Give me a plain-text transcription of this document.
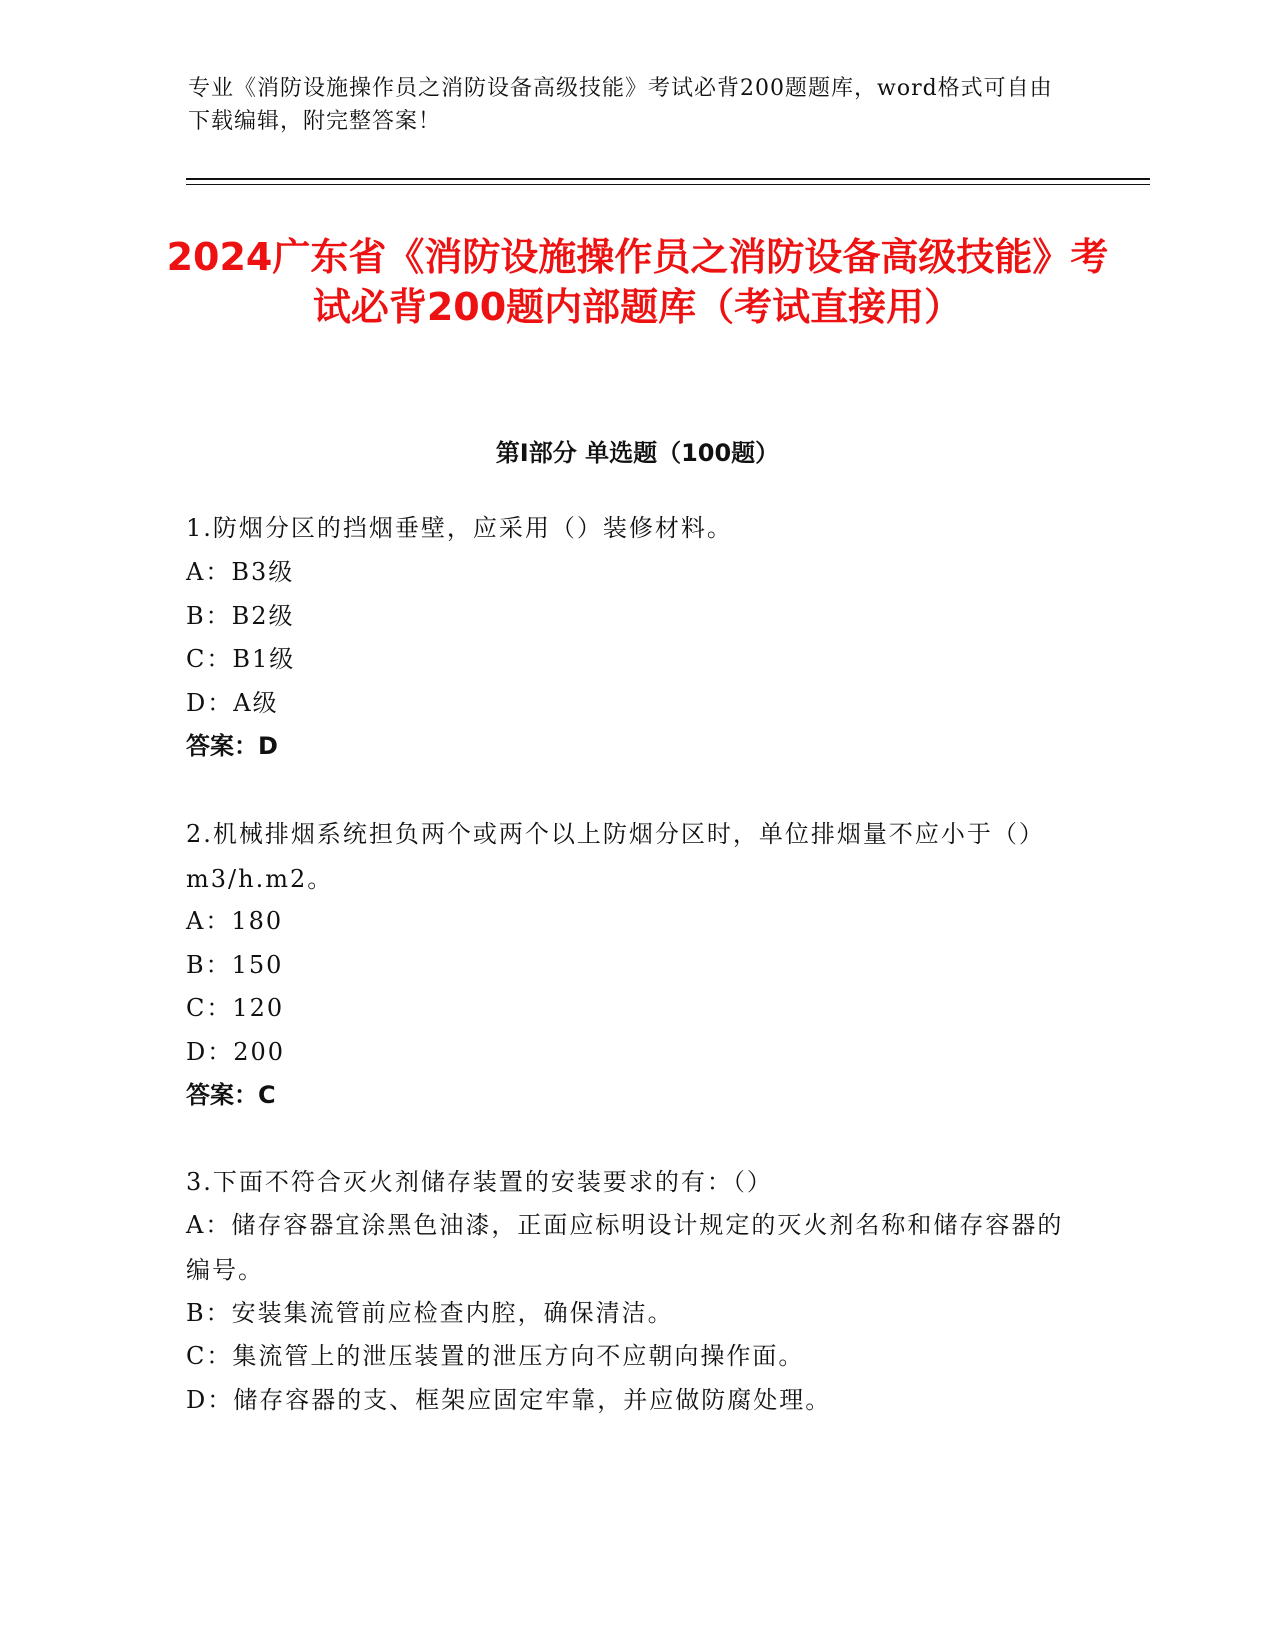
专业《消防设施操作员之消防设备高级技能》考试必背200题题库，word格式可自由下载编辑，附完整答案！
2024广东省《消防设施操作员之消防设备高级技能》考试必背200题内部题库（考试直接用）
第Ⅰ部分 单选题（100题）
1.防烟分区的挡烟垂壁，应采用（）装修材料。
A：B3级
B：B2级
C：B1级
D：A级
答案：D
2.机械排烟系统担负两个或两个以上防烟分区时，单位排烟量不应小于（）m3/h.m2。
A：180
B：150
C：120
D：200
答案：C
3.下面不符合灭火剂储存装置的安装要求的有：（）
A：储存容器宜涂黑色油漆，正面应标明设计规定的灭火剂名称和储存容器的编号。
B：安装集流管前应检查内腔，确保清洁。
C：集流管上的泄压装置的泄压方向不应朝向操作面。
D：储存容器的支、框架应固定牢靠，并应做防腐处理。
